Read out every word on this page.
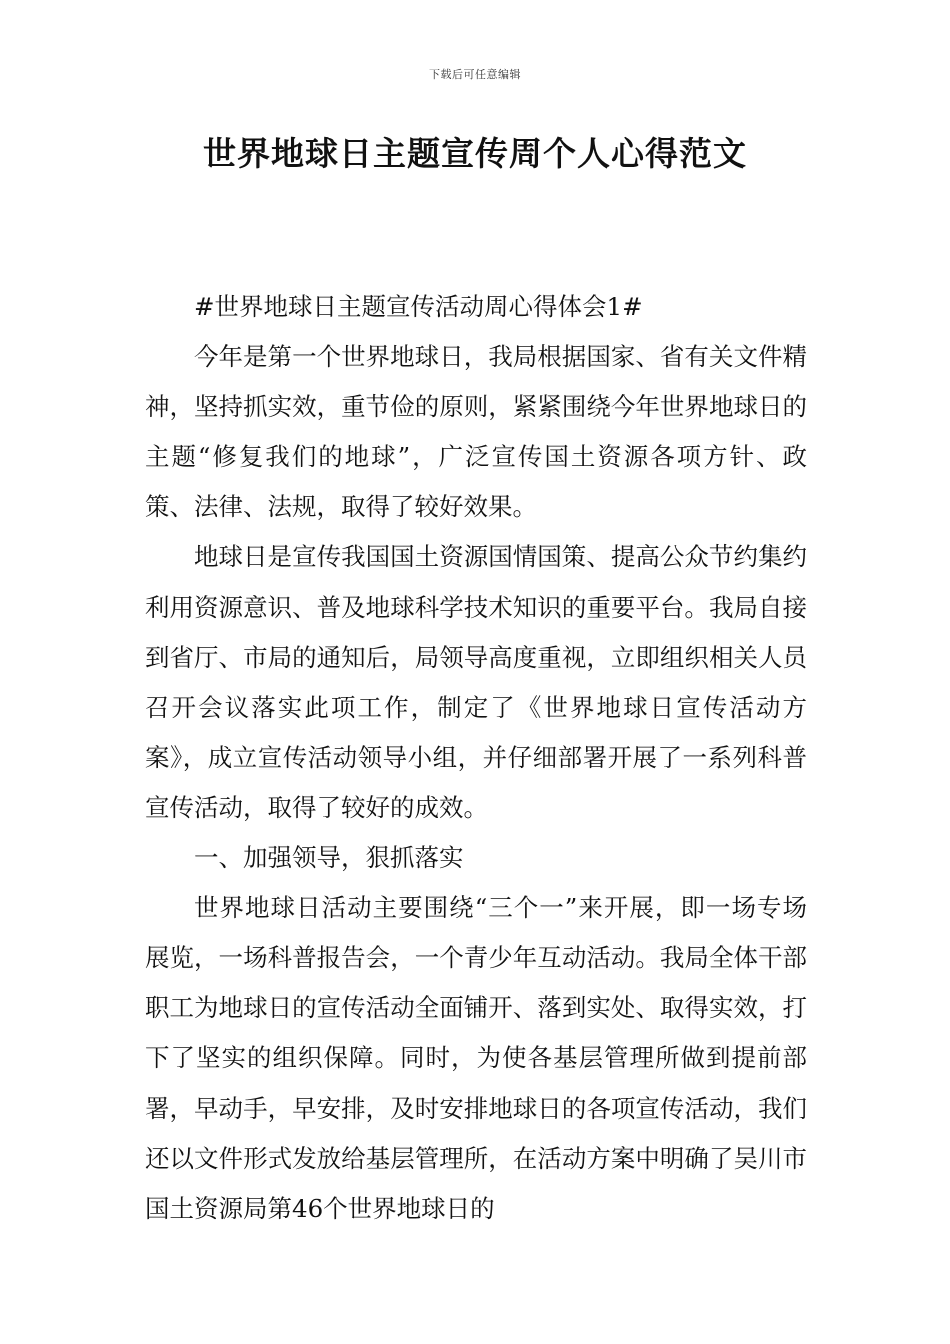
下载后可任意编辑
世界地球日主题宣传周个人心得范文

#世界地球日主题宣传活动周心得体会1#

今年是第一个世界地球日，我局根据国家、省有关文件精神，坚持抓实效，重节俭的原则，紧紧围绕今年世界地球日的主题“修复我们的地球”，广泛宣传国土资源各项方针、政策、法律、法规，取得了较好效果。

地球日是宣传我国国土资源国情国策、提高公众节约集约利用资源意识、普及地球科学技术知识的重要平台。我局自接到省厅、市局的通知后，局领导高度重视，立即组织相关人员召开会议落实此项工作，制定了《世界地球日宣传活动方案》，成立宣传活动领导小组，并仔细部署开展了一系列科普宣传活动，取得了较好的成效。

一、加强领导，狠抓落实

世界地球日活动主要围绕“三个一”来开展，即一场专场展览，一场科普报告会，一个青少年互动活动。我局全体干部职工为地球日的宣传活动全面铺开、落到实处、取得实效，打下了坚实的组织保障。同时，为使各基层管理所做到提前部署，早动手，早安排，及时安排地球日的各项宣传活动，我们还以文件形式发放给基层管理所，在活动方案中明确了吴川市国土资源局第46个世界地球日的
